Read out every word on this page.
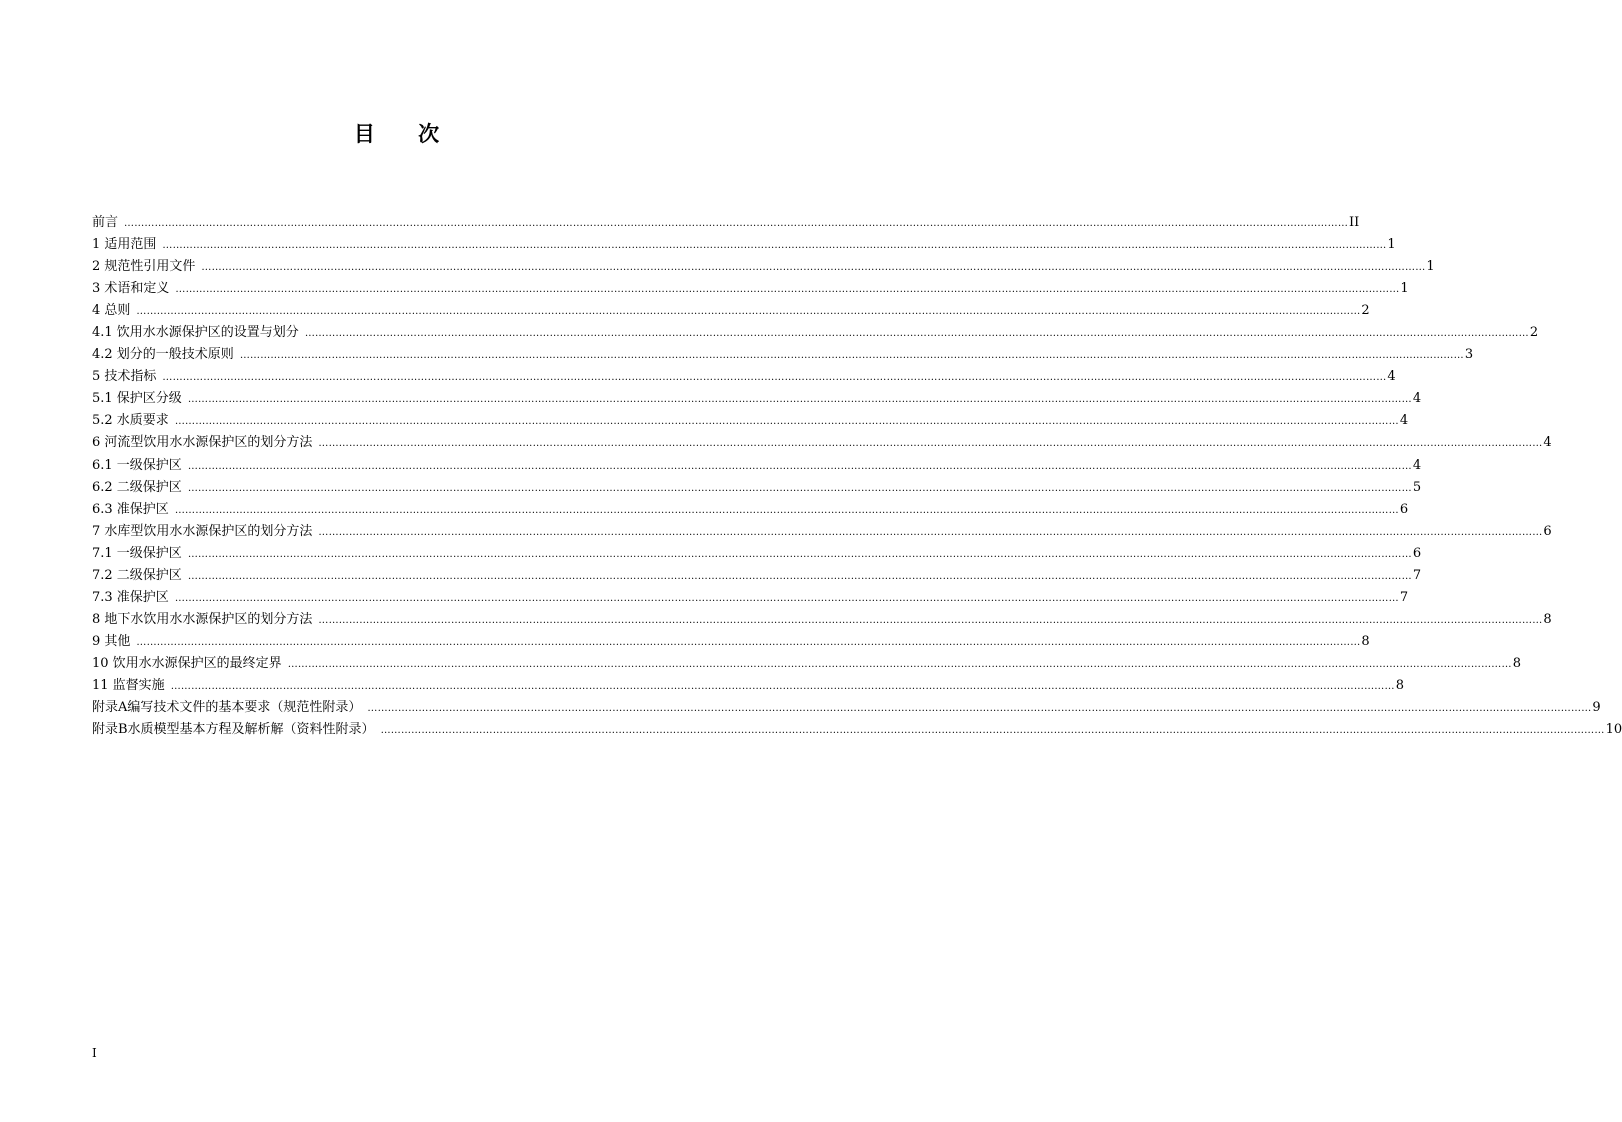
目 次
前言 ……………………………………………………………………………………………………………………………………………………………………………………………………………………………………………………………………………………………………………………………… II
1 适用范围 ……………………………………………………………………………………………………………………………………………………………………………………………………………………………………………………………………………………………………………………………… 1
2 规范性引用文件 ……………………………………………………………………………………………………………………………………………………………………………………………………………………………………………………………………………………………………………………………… 1
3 术语和定义 ……………………………………………………………………………………………………………………………………………………………………………………………………………………………………………………………………………………………………………………………… 1
4 总则 ……………………………………………………………………………………………………………………………………………………………………………………………………………………………………………………………………………………………………………………………… 2
4.1 饮用水水源保护区的设置与划分 ……………………………………………………………………………………………………………………………………………………………………………………………………………………………………………………………………………………………………………………………… 2
4.2 划分的一般技术原则 ……………………………………………………………………………………………………………………………………………………………………………………………………………………………………………………………………………………………………………………………… 3
5 技术指标 ……………………………………………………………………………………………………………………………………………………………………………………………………………………………………………………………………………………………………………………………… 4
5.1 保护区分级 ……………………………………………………………………………………………………………………………………………………………………………………………………………………………………………………………………………………………………………………………… 4
5.2 水质要求 ……………………………………………………………………………………………………………………………………………………………………………………………………………………………………………………………………………………………………………………………… 4
6 河流型饮用水水源保护区的划分方法 ……………………………………………………………………………………………………………………………………………………………………………………………………………………………………………………………………………………………………………………………… 4
6.1 一级保护区 ……………………………………………………………………………………………………………………………………………………………………………………………………………………………………………………………………………………………………………………………… 4
6.2 二级保护区 ……………………………………………………………………………………………………………………………………………………………………………………………………………………………………………………………………………………………………………………………… 5
6.3 准保护区 ……………………………………………………………………………………………………………………………………………………………………………………………………………………………………………………………………………………………………………………………… 6
7 水库型饮用水水源保护区的划分方法 ……………………………………………………………………………………………………………………………………………………………………………………………………………………………………………………………………………………………………………………………… 6
7.1 一级保护区 ……………………………………………………………………………………………………………………………………………………………………………………………………………………………………………………………………………………………………………………………… 6
7.2 二级保护区 ……………………………………………………………………………………………………………………………………………………………………………………………………………………………………………………………………………………………………………………………… 7
7.3 准保护区 ……………………………………………………………………………………………………………………………………………………………………………………………………………………………………………………………………………………………………………………………… 7
8 地下水饮用水水源保护区的划分方法 ……………………………………………………………………………………………………………………………………………………………………………………………………………………………………………………………………………………………………………………………… 8
9 其他 ……………………………………………………………………………………………………………………………………………………………………………………………………………………………………………………………………………………………………………………………… 8
10 饮用水水源保护区的最终定界 ……………………………………………………………………………………………………………………………………………………………………………………………………………………………………………………………………………………………………………………………… 8
11 监督实施 ……………………………………………………………………………………………………………………………………………………………………………………………………………………………………………………………………………………………………………………………… 8
附录A编写技术文件的基本要求（规范性附录） ……………………………………………………………………………………………………………………………………………………………………………………………………………………………………………………………………………………………………………………………… 9
附录B水质模型基本方程及解析解（资料性附录） ……………………………………………………………………………………………………………………………………………………………………………………………………………………………………………………………………………………………………………………………… 10
I
